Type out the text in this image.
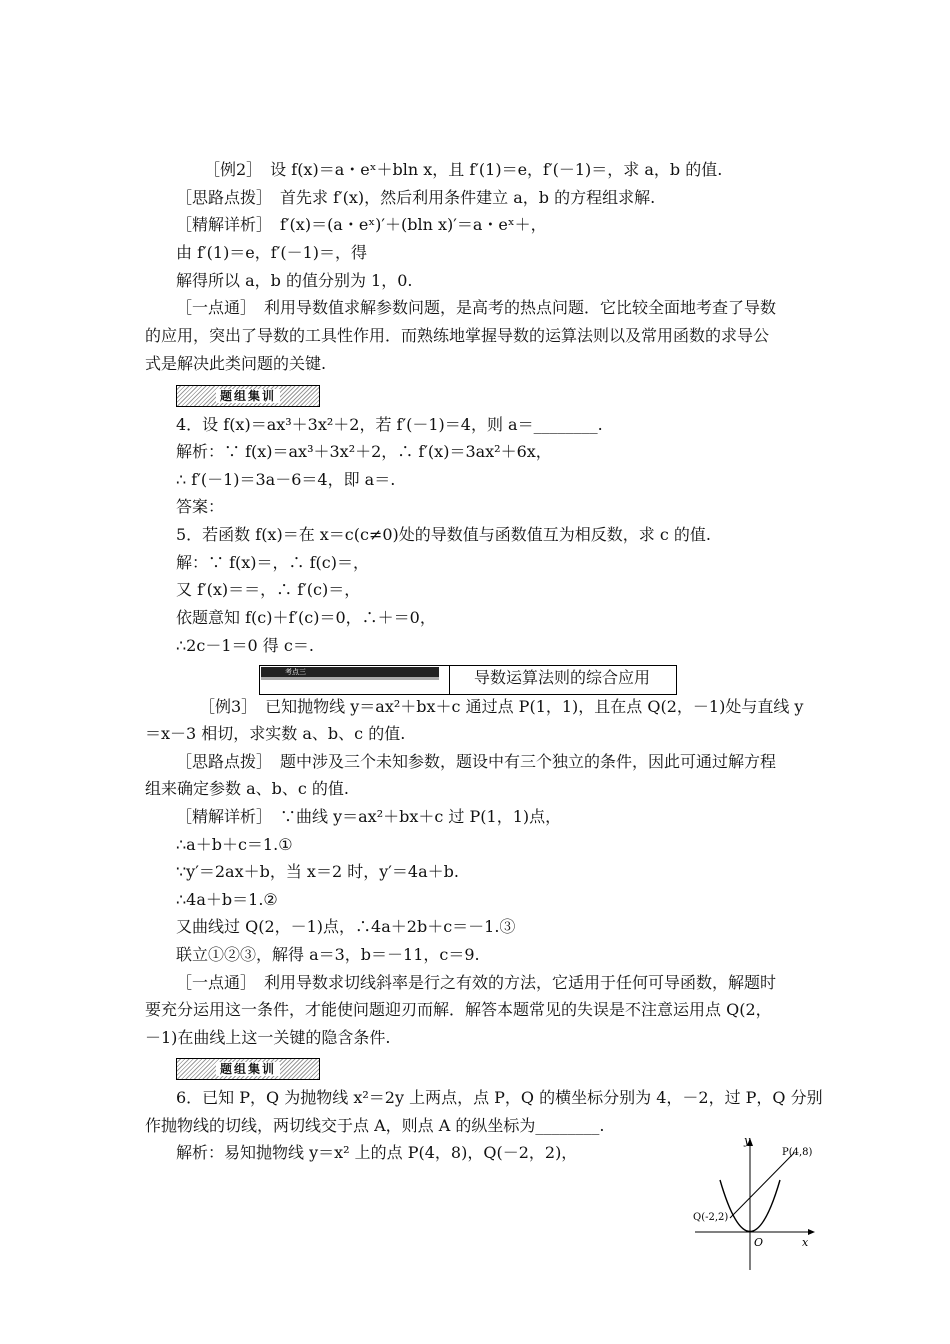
［例2］　设 f(x)＝a・eˣ＋bln x，且 f′(1)＝e，f′(－1)＝，求 a，b 的值.
［思路点拨］　首先求 f′(x)，然后利用条件建立 a，b 的方程组求解.
［精解详析］　f′(x)＝(a・eˣ)′＋(bln x)′＝a・eˣ＋，
由 f′(1)＝e，f′(－1)＝，得
解得所以 a，b 的值分别为 1，0.
［一点通］　利用导数值求解参数问题，是高考的热点问题．它比较全面地考查了导数
的应用，突出了导数的工具性作用．而熟练地掌握导数的运算法则以及常用函数的求导公
式是解决此类问题的关键.
题组集训
4．设 f(x)＝ax³＋3x²＋2，若 f′(－1)＝4，则 a＝________.
解析：∵ f(x)＝ax³＋3x²＋2，∴ f′(x)＝3ax²＋6x，
∴ f′(－1)＝3a－6＝4，即 a＝.
答案：
5．若函数 f(x)＝在 x＝c(c≠0)处的导数值与函数值互为相反数，求 c 的值.
解：∵ f(x)＝，∴ f(c)＝，
又 f′(x)＝＝，∴ f′(c)＝，
依题意知 f(c)＋f′(c)＝0，∴＋＝0，
∴2c－1＝0 得 c＝.
考点三	导数运算法则的综合应用
［例3］　已知抛物线 y＝ax²＋bx＋c 通过点 P(1，1)，且在点 Q(2，－1)处与直线 y
＝x－3 相切，求实数 a、b、c 的值.
［思路点拨］　题中涉及三个未知参数，题设中有三个独立的条件，因此可通过解方程
组来确定参数 a、b、c 的值.
［精解详析］　∵曲线 y＝ax²＋bx＋c 过 P(1，1)点，
∴a＋b＋c＝1.①
∵y′＝2ax＋b，当 x＝2 时，y′＝4a＋b.
∴4a＋b＝1.②
又曲线过 Q(2，－1)点，∴4a＋2b＋c＝－1.③
联立①②③，解得 a＝3，b＝－11，c＝9.
［一点通］　利用导数求切线斜率是行之有效的方法，它适用于任何可导函数，解题时
要充分运用这一条件，才能使问题迎刃而解．解答本题常见的失误是不注意运用点 Q(2，
－1)在曲线上这一关键的隐含条件.
题组集训
6．已知 P，Q 为抛物线 x²＝2y 上两点，点 P，Q 的横坐标分别为 4，－2，过 P，Q 分别
作抛物线的切线，两切线交于点 A，则点 A 的纵坐标为________.
解析：易知抛物线 y＝x² 上的点 P(4，8)，Q(－2，2)，
y
x
O
P(4,8)
Q(-2,2)
